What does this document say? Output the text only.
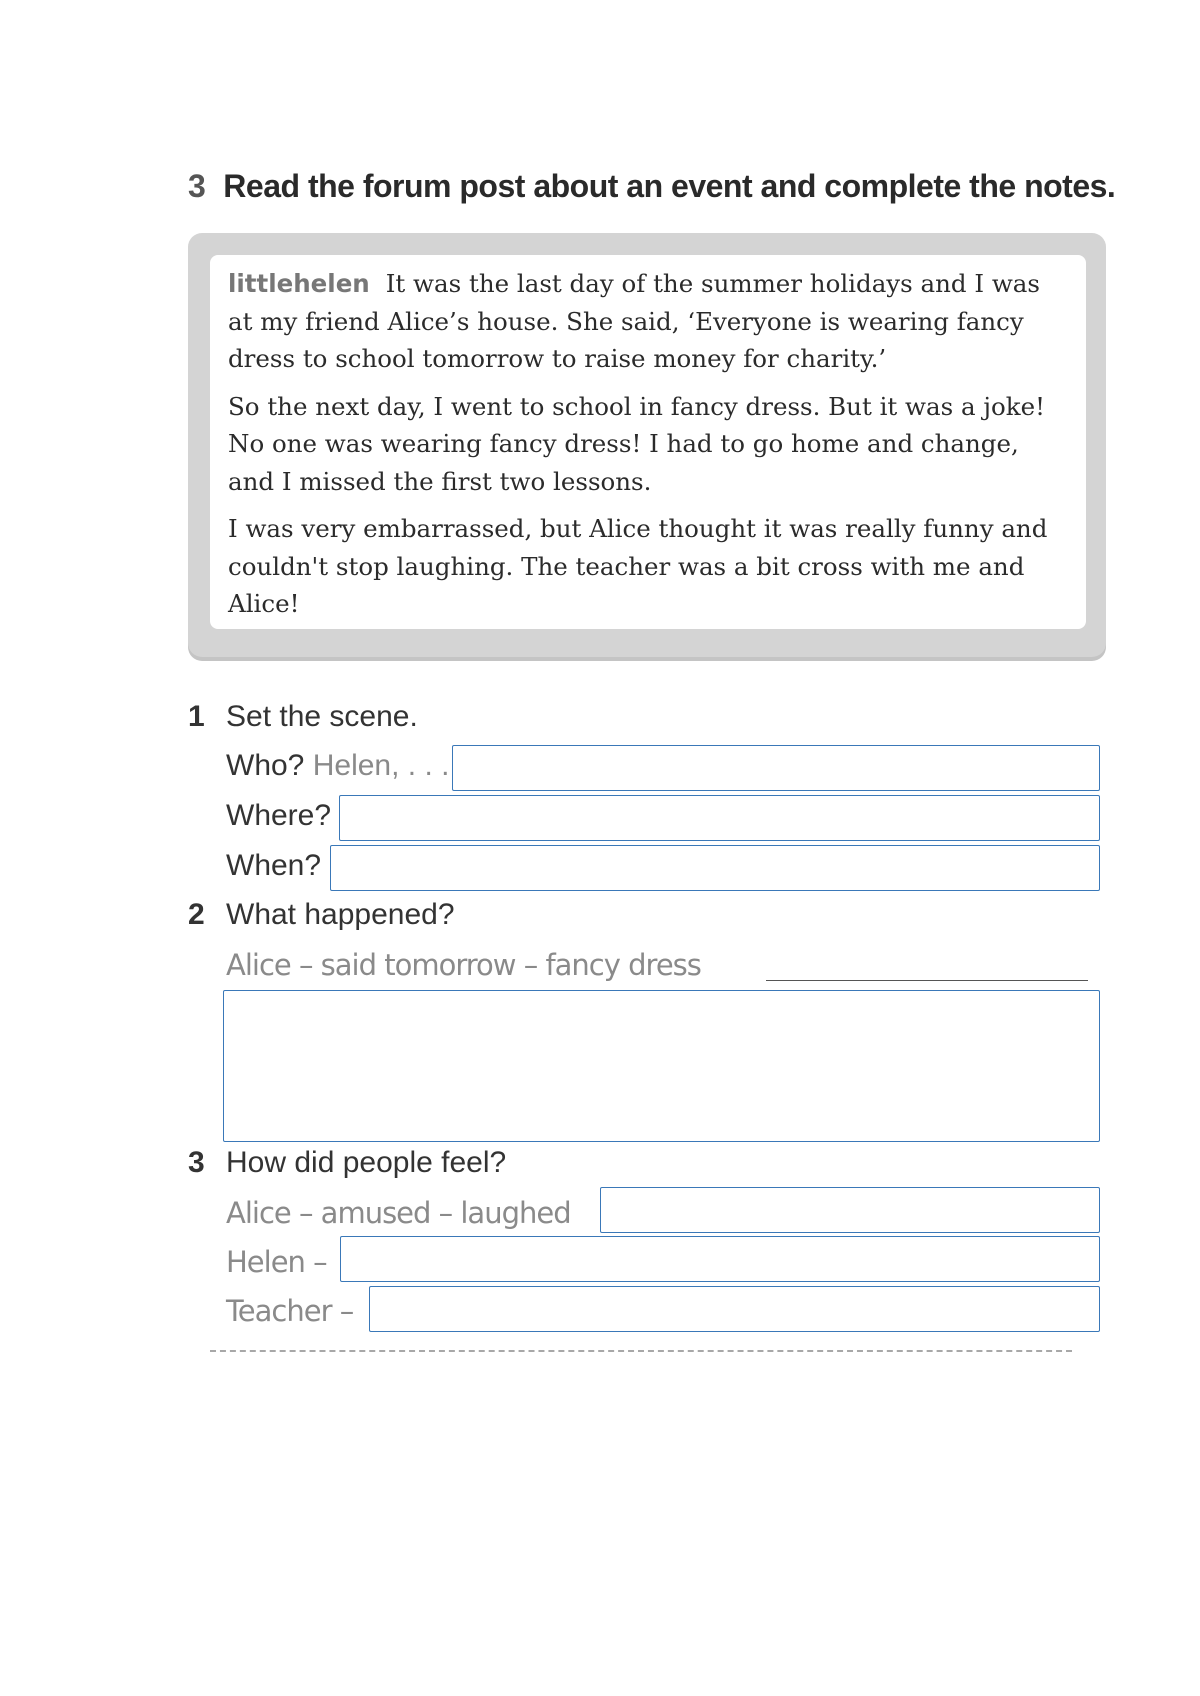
3 Read the forum post about an event and complete the notes.

littlehelen It was the last day of the summer holidays and I was at my friend Alice’s house. She said, ‘Everyone is wearing fancy dress to school tomorrow to raise money for charity.’

So the next day, I went to school in fancy dress. But it was a joke! No one was wearing fancy dress! I had to go home and change, and I missed the first two lessons.

I was very embarrassed, but Alice thought it was really funny and couldn't stop laughing. The teacher was a bit cross with me and Alice!

1 Set the scene.
Who? Helen, . . .
Where?
When?
2 What happened?
Alice – said tomorrow – fancy dress
3 How did people feel?
Alice – amused – laughed
Helen –
Teacher –
